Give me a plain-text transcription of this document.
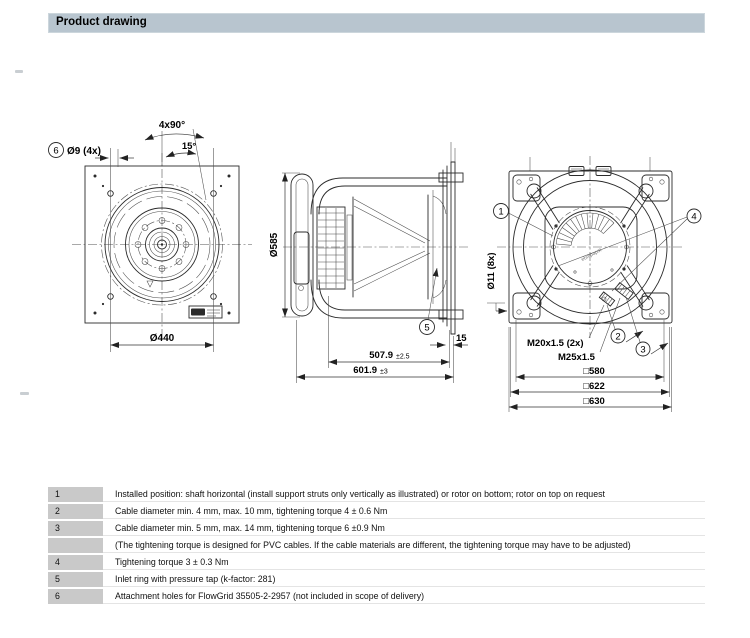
Product drawing
Ø440
4x90°
15°
6 Ø9 (4x)
Ø585
507.9 ±2.5
601.9 ±3
15
5
ebmpapst
1	4
2
3
Ø11 (8x)
M20x1.5 (2x)
M25x1.5
□580
□622
□630
1	Installed position: shaft horizontal (install support struts only vertically as illustrated) or rotor on bottom; rotor on top on request
2	Cable diameter min. 4 mm, max. 10 mm, tightening torque 4 ± 0.6 Nm
3	Cable diameter min. 5 mm, max. 14 mm, tightening torque 6 ±0.9 Nm
(The tightening torque is designed for PVC cables. If the cable materials are different, the tightening torque may have to be adjusted)
4	Tightening torque 3 ± 0.3 Nm
5	Inlet ring with pressure tap (k-factor: 281)
6	Attachment holes for FlowGrid 35505-2-2957 (not included in scope of delivery)
